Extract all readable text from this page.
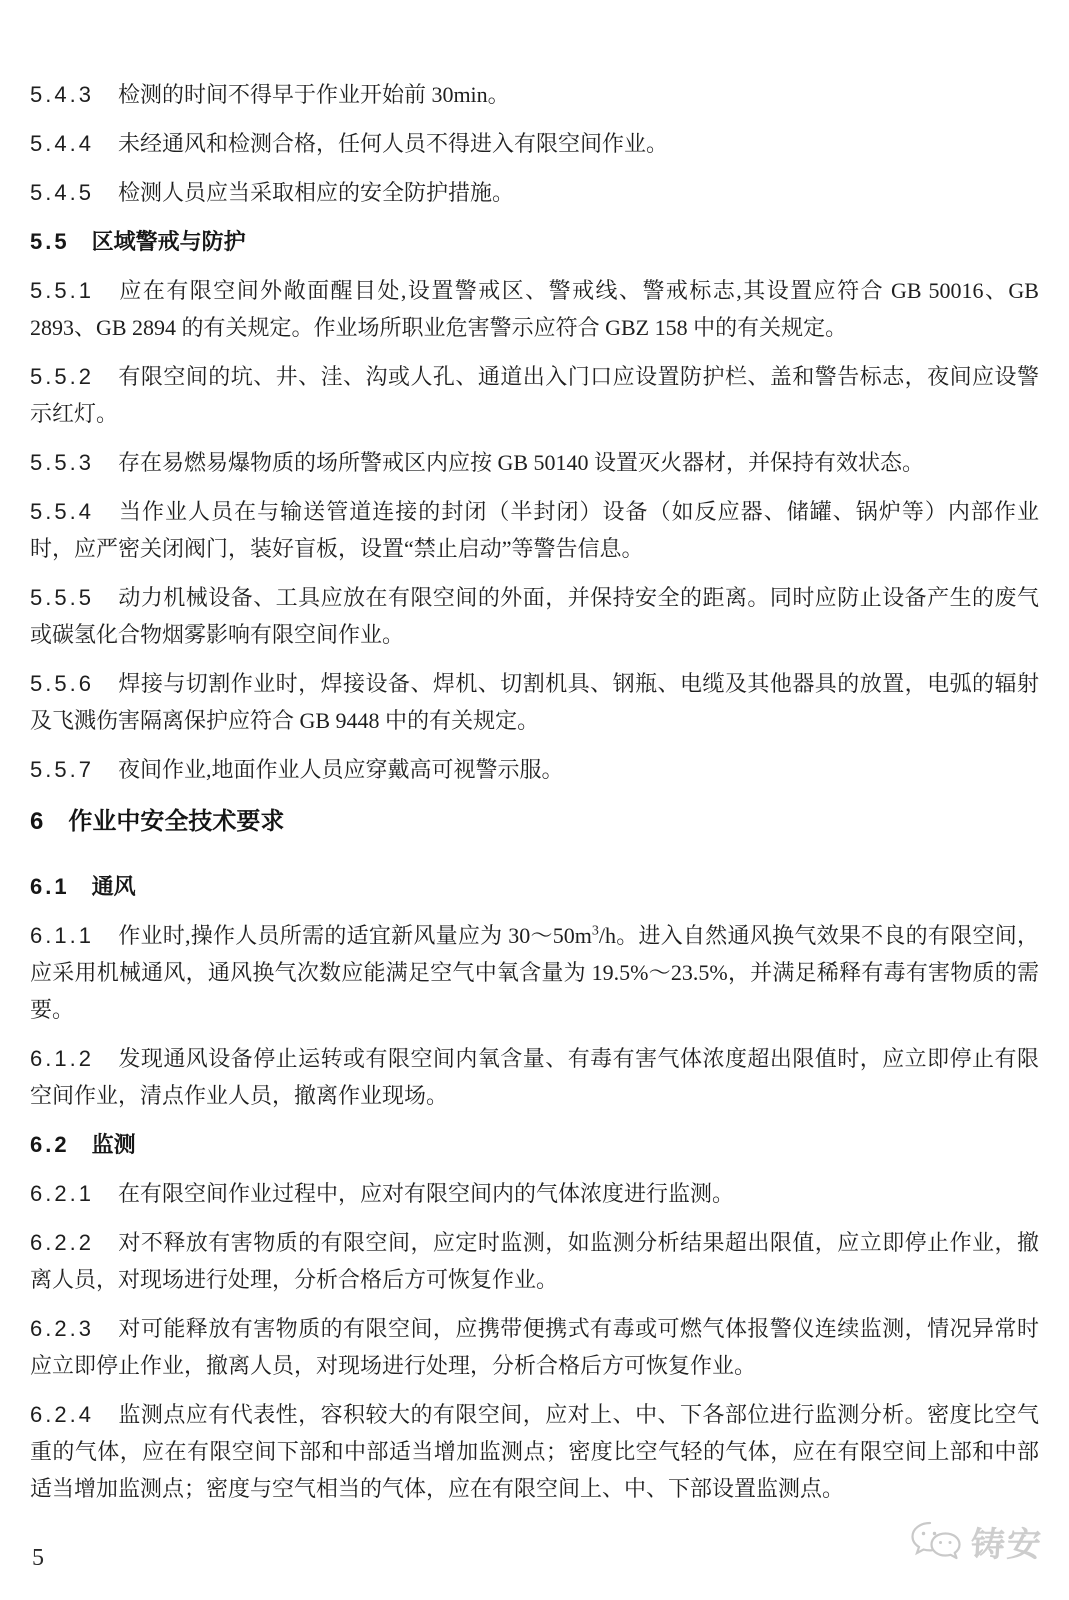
5.4.3 检测的时间不得早于作业开始前 30min。

5.4.4 未经通风和检测合格，任何人员不得进入有限空间作业。

5.4.5 检测人员应当采取相应的安全防护措施。

5.5 区域警戒与防护

5.5.1 应在有限空间外敞面醒目处,设置警戒区、警戒线、警戒标志,其设置应符合 GB 50016、GB 2893、GB 2894 的有关规定。作业场所职业危害警示应符合 GBZ 158 中的有关规定。

5.5.2 有限空间的坑、井、洼、沟或人孔、通道出入门口应设置防护栏、盖和警告标志，夜间应设警示红灯。

5.5.3 存在易燃易爆物质的场所警戒区内应按 GB 50140 设置灭火器材，并保持有效状态。

5.5.4 当作业人员在与输送管道连接的封闭（半封闭）设备（如反应器、储罐、锅炉等）内部作业时，应严密关闭阀门，装好盲板，设置“禁止启动”等警告信息。

5.5.5 动力机械设备、工具应放在有限空间的外面，并保持安全的距离。同时应防止设备产生的废气或碳氢化合物烟雾影响有限空间作业。

5.5.6 焊接与切割作业时，焊接设备、焊机、切割机具、钢瓶、电缆及其他器具的放置，电弧的辐射及飞溅伤害隔离保护应符合 GB 9448 中的有关规定。

5.5.7 夜间作业,地面作业人员应穿戴高可视警示服。

6 作业中安全技术要求
6.1 通风

6.1.1 作业时,操作人员所需的适宜新风量应为 $30\sim 50m^3/h$。进入自然通风换气效果不良的有限空间，应采用机械通风，通风换气次数应能满足空气中氧含量为 19.5%～23.5%，并满足稀释有毒有害物质的需要。

6.1.2 发现通风设备停止运转或有限空间内氧含量、有毒有害气体浓度超出限值时，应立即停止有限空间作业，清点作业人员，撤离作业现场。

6.2 监测

6.2.1 在有限空间作业过程中，应对有限空间内的气体浓度进行监测。

6.2.2 对不释放有害物质的有限空间，应定时监测，如监测分析结果超出限值，应立即停止作业，撤离人员，对现场进行处理，分析合格后方可恢复作业。

6.2.3 对可能释放有害物质的有限空间，应携带便携式有毒或可燃气体报警仪连续监测，情况异常时应立即停止作业，撤离人员，对现场进行处理，分析合格后方可恢复作业。

6.2.4 监测点应有代表性，容积较大的有限空间，应对上、中、下各部位进行监测分析。密度比空气重的气体，应在有限空间下部和中部适当增加监测点；密度比空气轻的气体，应在有限空间上部和中部适当增加监测点；密度与空气相当的气体，应在有限空间上、中、下部设置监测点。

5	铸安
